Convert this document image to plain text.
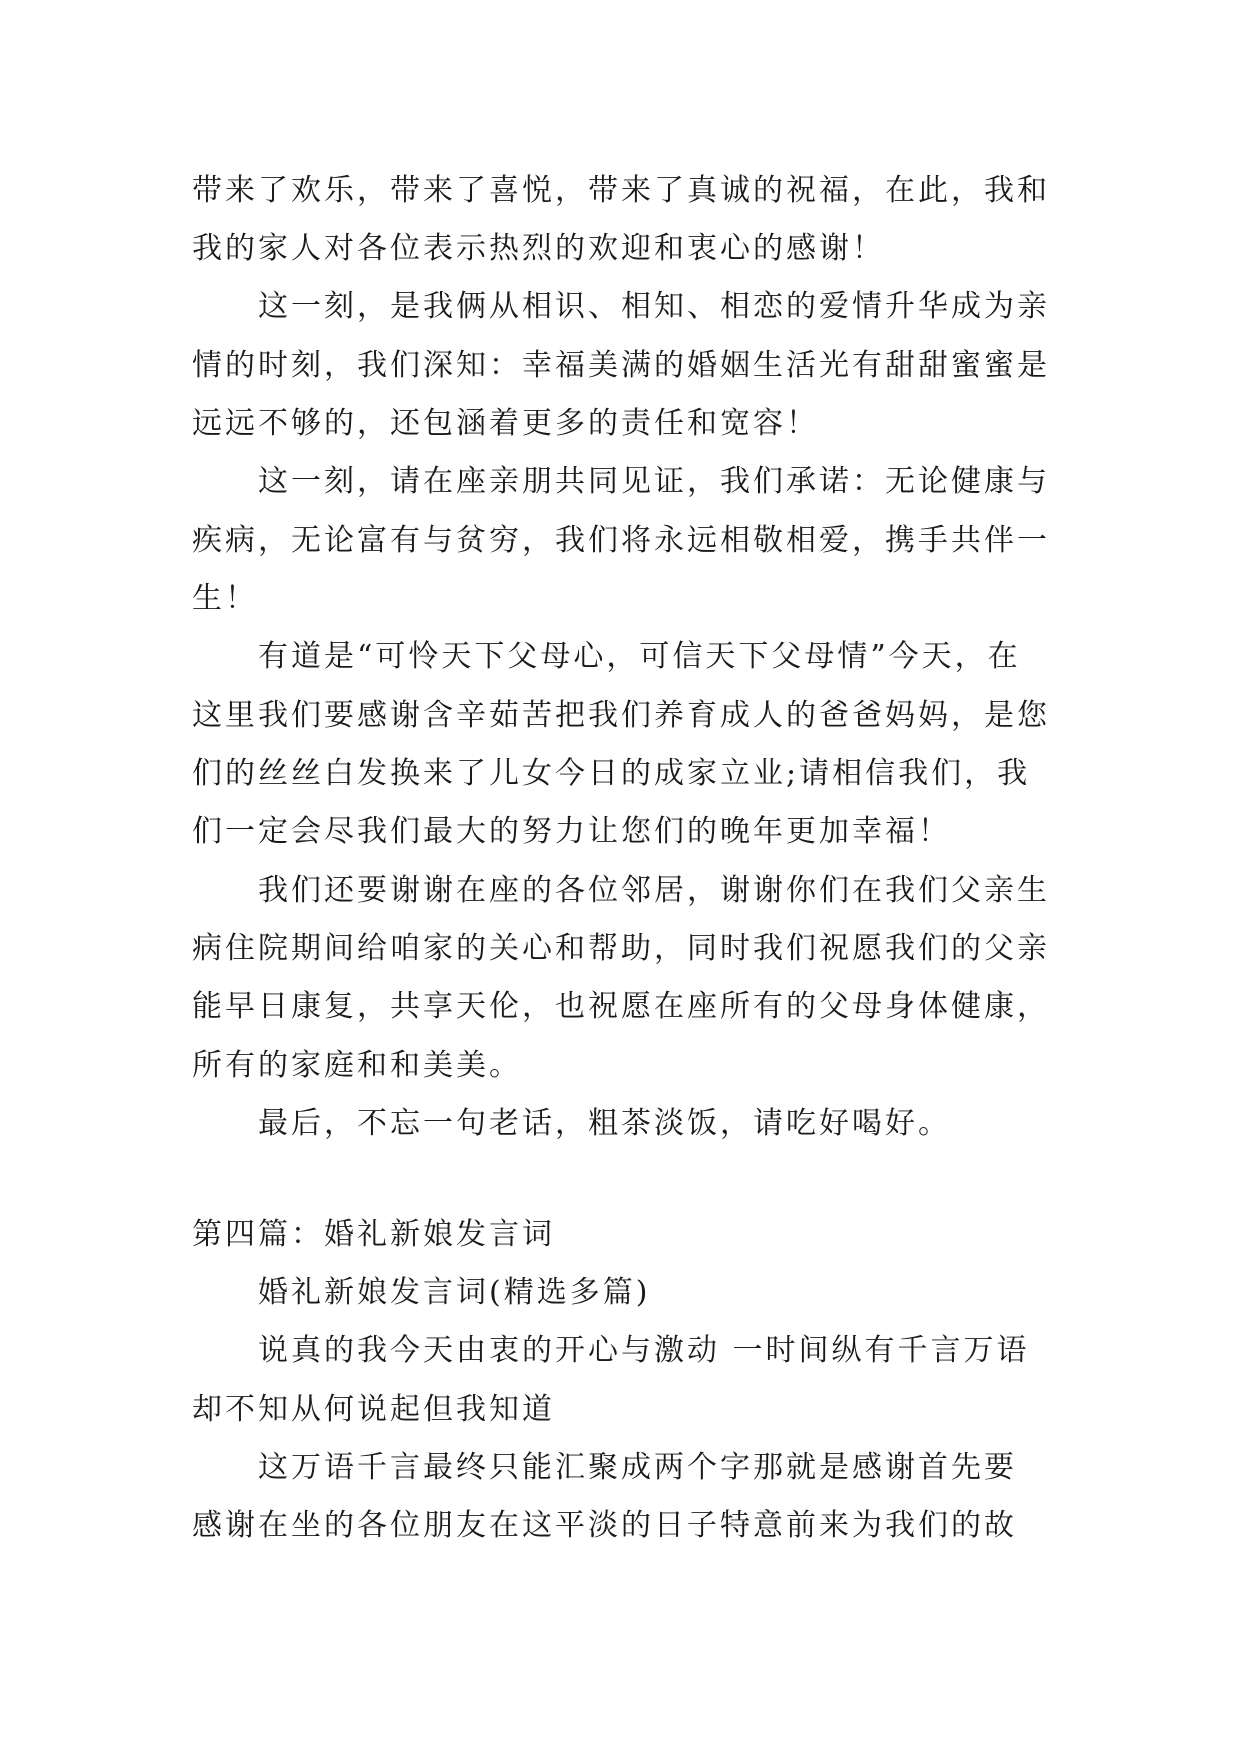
带来了欢乐，带来了喜悦，带来了真诚的祝福，在此，我和
我的家人对各位表示热烈的欢迎和衷心的感谢！
这一刻，是我俩从相识、相知、相恋的爱情升华成为亲
情的时刻，我们深知：幸福美满的婚姻生活光有甜甜蜜蜜是
远远不够的，还包涵着更多的责任和宽容！
这一刻，请在座亲朋共同见证，我们承诺：无论健康与
疾病，无论富有与贫穷，我们将永远相敬相爱，携手共伴一
生！
有道是“可怜天下父母心，可信天下父母情”今天，在
这里我们要感谢含辛茹苦把我们养育成人的爸爸妈妈，是您
们的丝丝白发换来了儿女今日的成家立业;请相信我们，我
们一定会尽我们最大的努力让您们的晚年更加幸福！
我们还要谢谢在座的各位邻居，谢谢你们在我们父亲生
病住院期间给咱家的关心和帮助，同时我们祝愿我们的父亲
能早日康复，共享天伦，也祝愿在座所有的父母身体健康，
所有的家庭和和美美。
最后，不忘一句老话，粗茶淡饭，请吃好喝好。
第四篇：婚礼新娘发言词
婚礼新娘发言词(精选多篇)
说真的我今天由衷的开心与激动 一时间纵有千言万语
却不知从何说起但我知道
这万语千言最终只能汇聚成两个字那就是感谢首先要
感谢在坐的各位朋友在这平淡的日子特意前来为我们的故
